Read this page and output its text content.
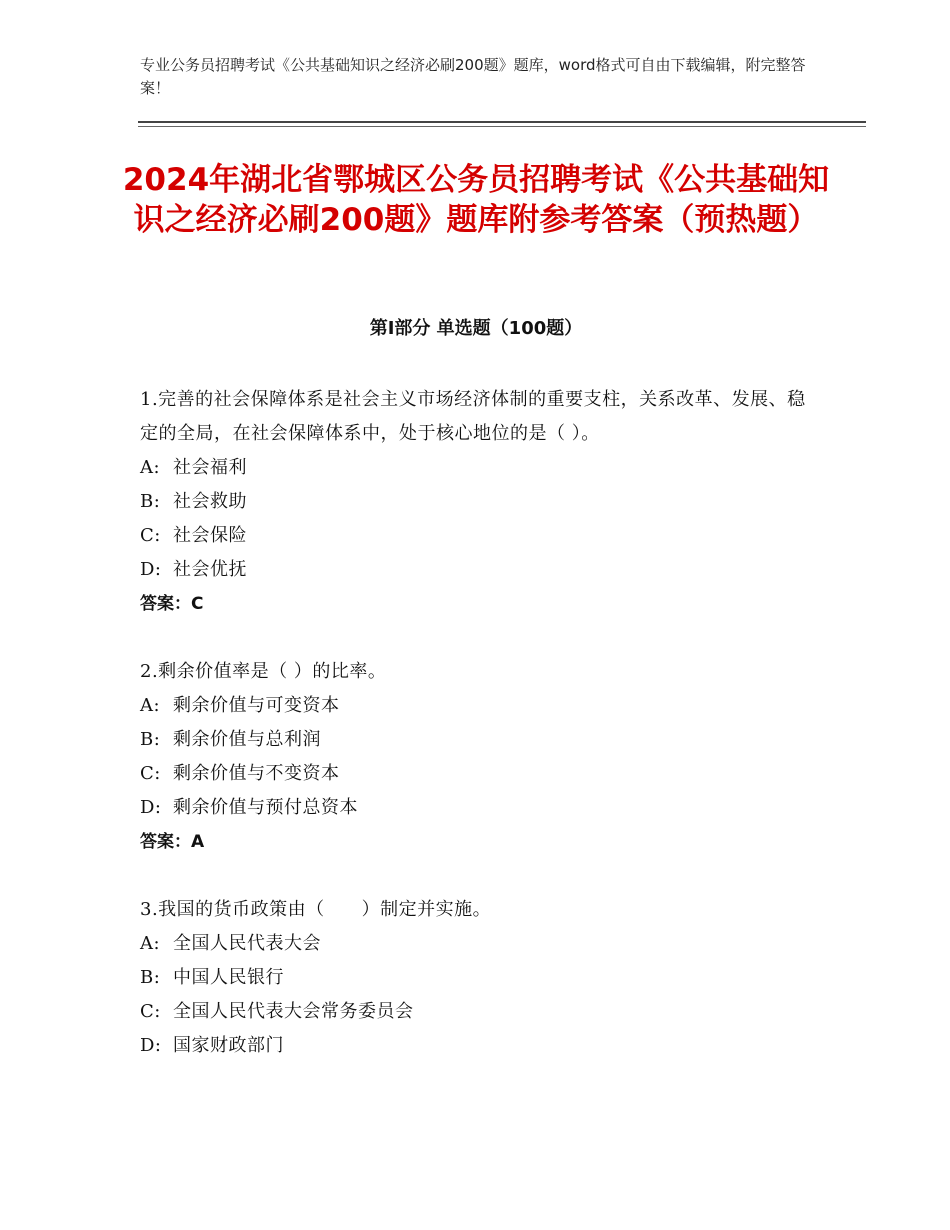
专业公务员招聘考试《公共基础知识之经济必刷200题》题库，word格式可自由下载编辑，附完整答案！
2024年湖北省鄂城区公务员招聘考试《公共基础知识之经济必刷200题》题库附参考答案（预热题）
第I部分 单选题（100题）

1.完善的社会保障体系是社会主义市场经济体制的重要支柱，关系改革、发展、稳定的全局，在社会保障体系中，处于核心地位的是（ ）。

A: 社会福利

B: 社会救助

C: 社会保险

D: 社会优抚

答案：C

2.剩余价值率是（ ）的比率。

A: 剩余价值与可变资本

B: 剩余价值与总利润

C: 剩余价值与不变资本

D: 剩余价值与预付总资本

答案：A

3.我国的货币政策由（　　）制定并实施。

A: 全国人民代表大会

B: 中国人民银行

C: 全国人民代表大会常务委员会

D: 国家财政部门
